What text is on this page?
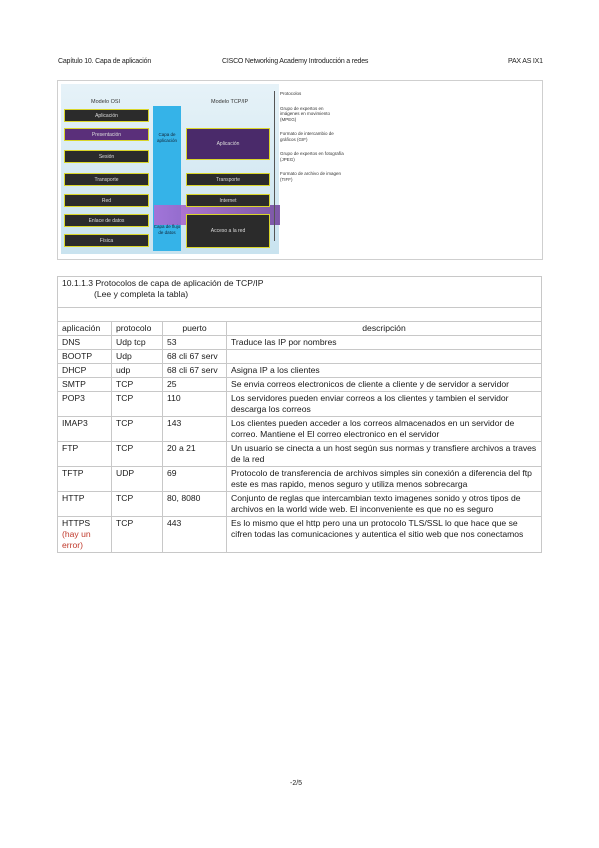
Capítulo 10. Capa de aplicación	CISCO Networking Academy Introducción a redes	PAX AS IX1
Modelo OSI	Modelo TCP/IP
Aplicación
Presentación
Sesión
Transporte
Red
Enlace de datos
Física
Aplicación
Transporte
Internet
Acceso a la red
Capa de aplicación
Capa de flujo de datos
Protocolos
Grupo de expertos en imágenes en movimiento (MPEG)
Formato de intercambio de gráficos (GIF)
Grupo de expertos en fotografía (JPEG)
Formato de archivo de imagen (TIFF)
10.1.1.3 Protocolos de capa de aplicación de TCP/IP
(Lee y completa la tabla)			

aplicación	protocolo	puerto	descripción
DNS	Udp tcp	53	Traduce las IP por nombres
BOOTP	Udp	68 cli 67 serv	
DHCP	udp	68 cli 67 serv	Asigna IP a los clientes
SMTP	TCP	25	Se envia correos electronicos de cliente a cliente y de servidor a servidor
POP3	TCP	110	Los servidores pueden enviar correos a los clientes y tambien el servidor descarga los correos
IMAP3	TCP	143	Los clientes pueden acceder a los correos almacenados en un servidor de correo. Mantiene el El correo electronico en el servidor
FTP	TCP	20 a 21	Un usuario se cinecta a un host según sus normas y transfiere archivos a traves de la red
TFTP	UDP	69	Protocolo de transferencia de archivos simples sin conexión a diferencia del ftp este es mas rapido, menos seguro y utiliza menos sobrecarga
HTTP	TCP	80, 8080	Conjunto de reglas que intercambian texto imagenes sonido y otros tipos de archivos en la world wide web. El inconveniente es que no es seguro
HTTPS
(hay un error)	TCP	443	Es lo mismo que el http pero una un protocolo TLS/SSL lo que hace que se cifren todas las comunicaciones y autentica el sitio web que nos conectamos
-2/5
